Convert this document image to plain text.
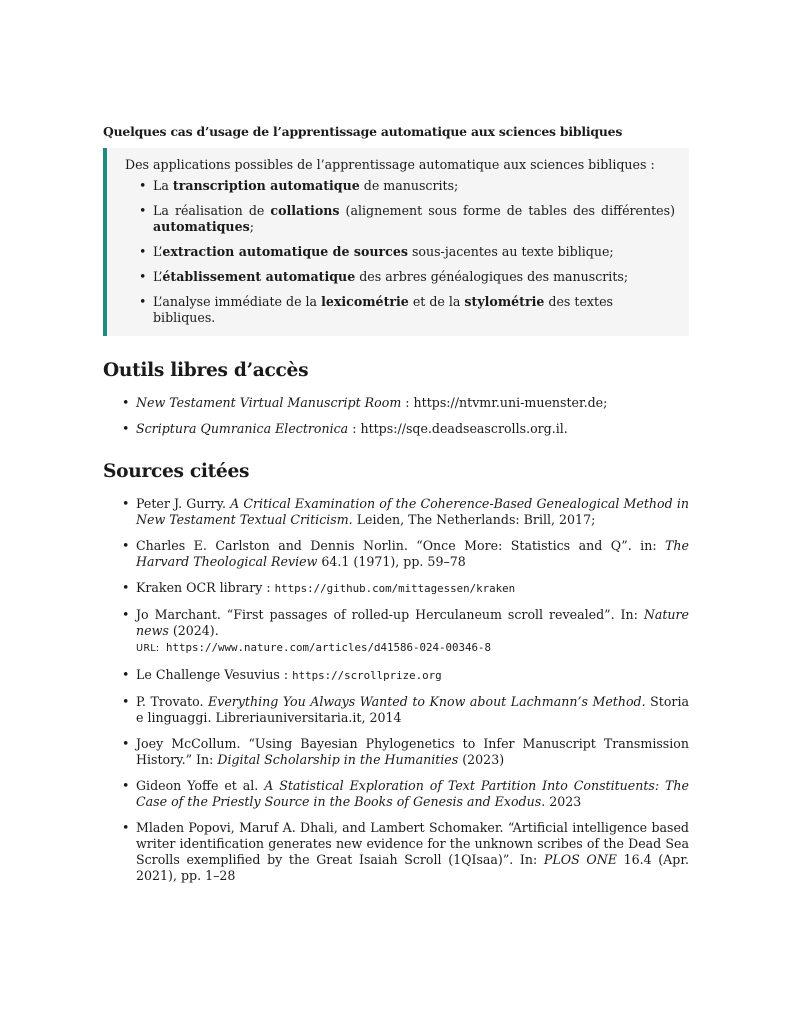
Quelques cas d’usage de l’apprentissage automatique aux sciences bibliques

Des applications possibles de l’apprentissage automatique aux sciences bibliques :

• La transcription automatique de manuscrits;
• La réalisation de collations (alignement sous forme de tables des différentes) automatiques;
• L’extraction automatique de sources sous-jacentes au texte biblique;
• L’établissement automatique des arbres généalogiques des manuscrits;
• L’analyse immédiate de la lexicométrie et de la stylométrie des textes bibliques.
Outils libres d’accès
• New Testament Virtual Manuscript Room : https://ntvmr.uni-muenster.de;
• Scriptura Qumranica Electronica : https://sqe.deadseascrolls.org.il.
Sources citées
• Peter J. Gurry. A Critical Examination of the Coherence-Based Genealogical Method in New Testament Textual Criticism. Leiden, The Netherlands: Brill, 2017;
• Charles E. Carlston and Dennis Norlin. “Once More: Statistics and Q”. in: The Harvard Theological Review 64.1 (1971), pp. 59–78
• Kraken OCR library : https://github.com/mittagessen/kraken
• Jo Marchant. “First passages of rolled-up Herculaneum scroll revealed”. In: Nature news (2024).
URL: https://www.nature.com/articles/d41586-024-00346-8
• Le Challenge Vesuvius : https://scrollprize.org
• P. Trovato. Everything You Always Wanted to Know about Lachmann’s Method. Storia e linguaggi. Libreriauniversitaria.it, 2014
• Joey McCollum. “Using Bayesian Phylogenetics to Infer Manuscript Transmission History.” In: Digital Scholarship in the Humanities (2023)
• Gideon Yoffe et al. A Statistical Exploration of Text Partition Into Constituents: The Case of the Priestly Source in the Books of Genesis and Exodus. 2023
• Mladen Popovi, Maruf A. Dhali, and Lambert Schomaker. “Artificial intelligence based writer identification generates new evidence for the unknown scribes of the Dead Sea Scrolls exemplified by the Great Isaiah Scroll (1QIsaa)”. In: PLOS ONE 16.4 (Apr. 2021), pp. 1–28
